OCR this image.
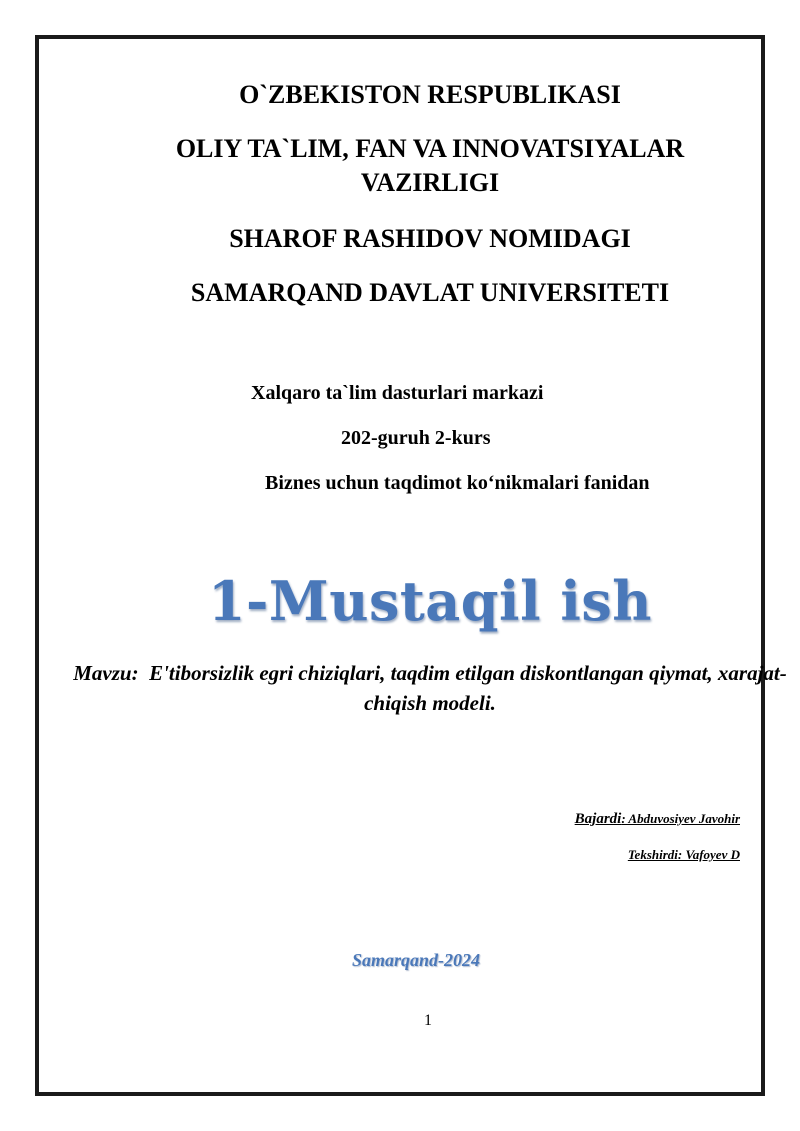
O`ZBEKISTON RESPUBLIKASI
OLIY TA`LIM, FAN VA INNOVATSIYALAR VAZIRLIGI
SHAROF RASHIDOV NOMIDAGI
SAMARQAND DAVLAT UNIVERSITETI
Xalqaro ta`lim dasturlari markazi
202-guruh 2-kurs
Biznes uchun taqdimot ko‘nikmalari fanidan
1-Mustaqil ish
Mavzu: E'tiborsizlik egri chiziqlari, taqdim etilgan diskontlangan qiymat, xarajat-chiqish modeli.
Bajardi: Abduvosiyev Javohir
Tekshirdi: Vafoyev D
Samarqand-2024
1
